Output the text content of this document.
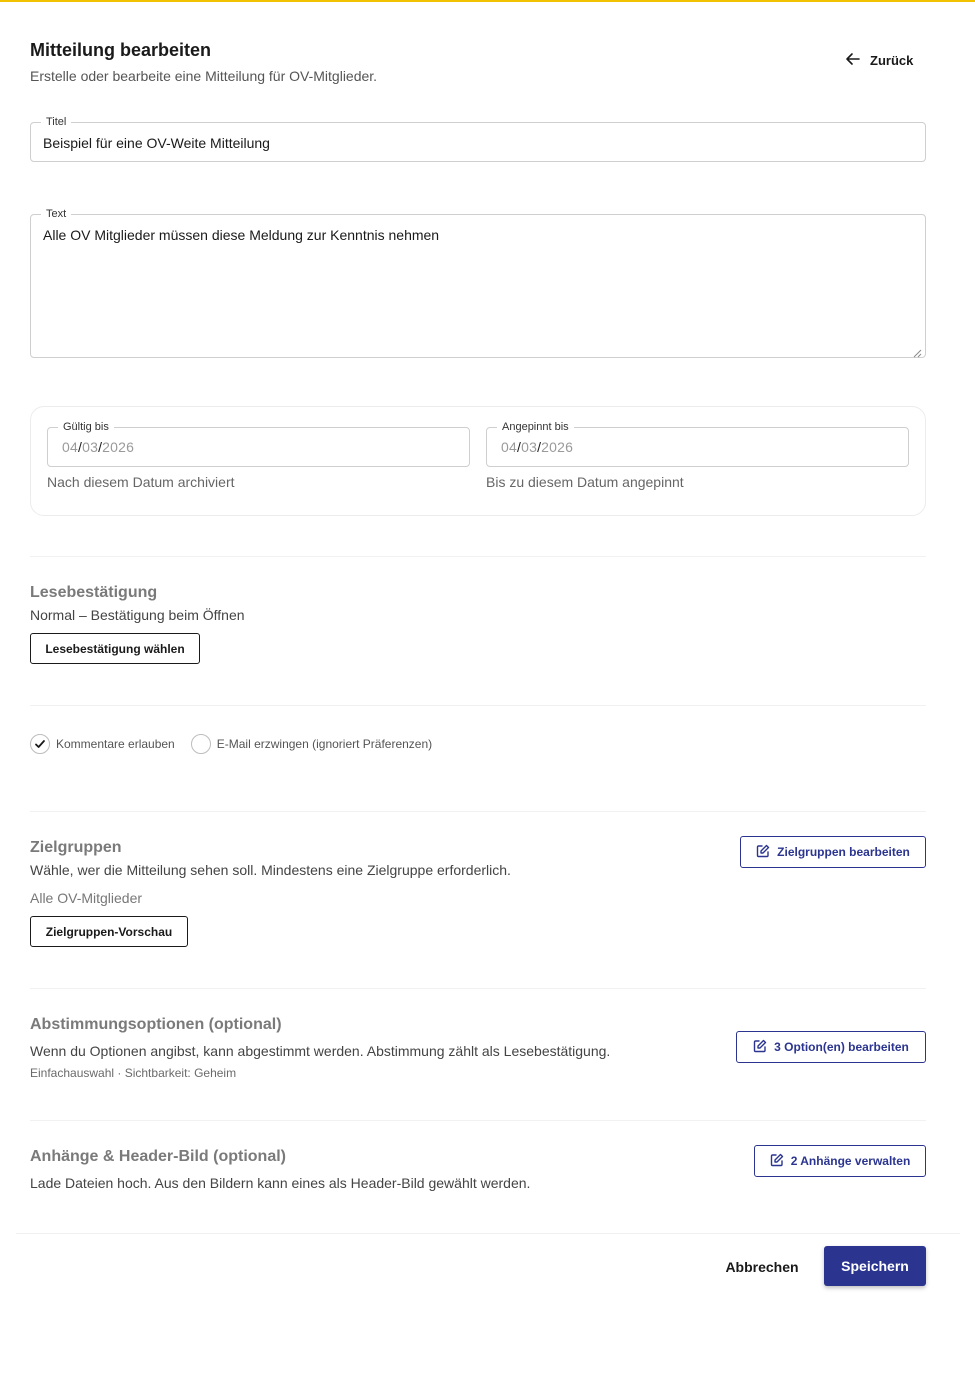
Mitteilung bearbeiten

Erstelle oder bearbeite eine Mitteilung für OV-Mitglieder.

Zurück
Titel
Beispiel für eine OV-Weite Mitteilung
Text
Alle OV Mitglieder müssen diese Meldung zur Kenntnis nehmen
Gültig bis
04/03/2026
Nach diesem Datum archiviert
Angepinnt bis
04/03/2026
Bis zu diesem Datum angepinnt
Lesebestätigung

Normal – Bestätigung beim Öffnen

Lesebestätigung wählen
Kommentare erlauben	E-Mail erzwingen (ignoriert Präferenzen)
Zielgruppen

Wähle, wer die Mitteilung sehen soll. Mindestens eine Zielgruppe erforderlich.

Alle OV-Mitglieder

Zielgruppen-Vorschau
Zielgruppen bearbeiten
Abstimmungsoptionen (optional)

Wenn du Optionen angibst, kann abgestimmt werden. Abstimmung zählt als Lesebestätigung.

Einfachauswahl · Sichtbarkeit: Geheim

3 Option(en) bearbeiten
Anhänge & Header-Bild (optional)

Lade Dateien hoch. Aus den Bildern kann eines als Header-Bild gewählt werden.

2 Anhänge verwalten
Abbrechen	Speichern
